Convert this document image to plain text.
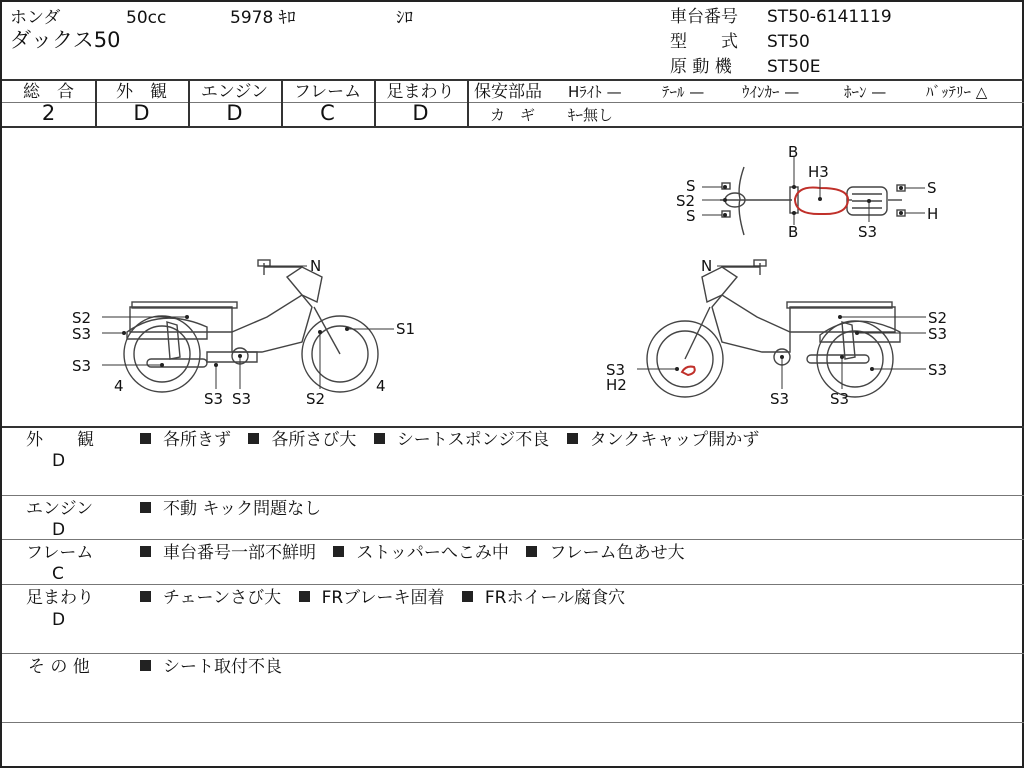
ホンダ	50cc	5978 ｷﾛ	ｼﾛ
ダックス50
車台番号 ST50-6141119
型　　式 ST50
原 動 機 ST50E
総　合	外　観	エンジン	フレーム	足まわり
2	D	D	C	D
保安部品 Hﾗｲﾄ —	ﾃｰﾙ —	ｳｲﾝｶｰ —	ﾎｰﾝ —	ﾊﾞｯﾃﾘｰ △
カ　ギ ｷｰ無し
N
S2
S3
S3
4
S3 S3	S2
4
S1
N
S2
S3
S3
S3
H2
S3	S3
B
H3
S
S2
S
B	S3
S
H
外　　観
D
各所きず 各所さび大 シートスポンジ不良 タンクキャップ開かず
エンジン
D
不動 キック問題なし
フレーム
C
車台番号一部不鮮明 ストッパーへこみ中 フレーム色あせ大
足まわり
D
チェーンさび大 FRブレーキ固着 FRホイール腐食穴
そ の 他	シート取付不良
